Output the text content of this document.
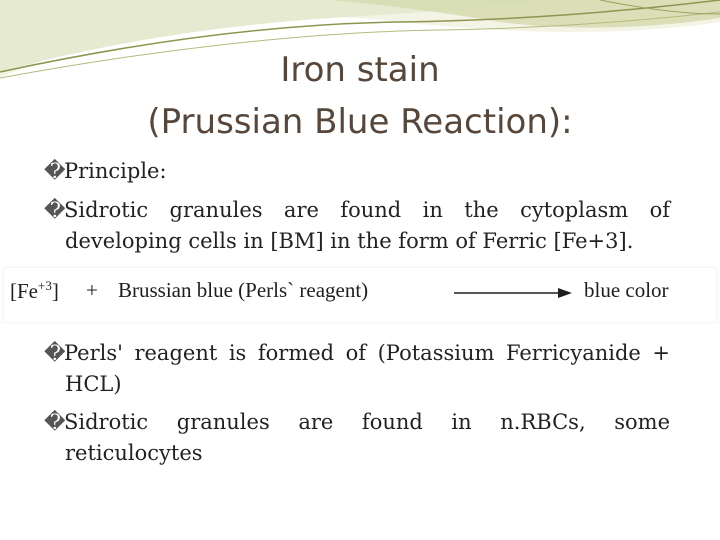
Iron stain
(Prussian Blue Reaction):
�Principle:
�Sidrotic granules are found in the cytoplasm of
developing cells in [BM] in the form of Ferric [Fe+3].
$[Fe^{+3}]$ + Brussian blue (Perls` reagent)	blue color
�Perls' reagent is formed of (Potassium Ferricyanide +
HCL)
�Sidrotic granules are found in n.RBCs, some
reticulocytes
